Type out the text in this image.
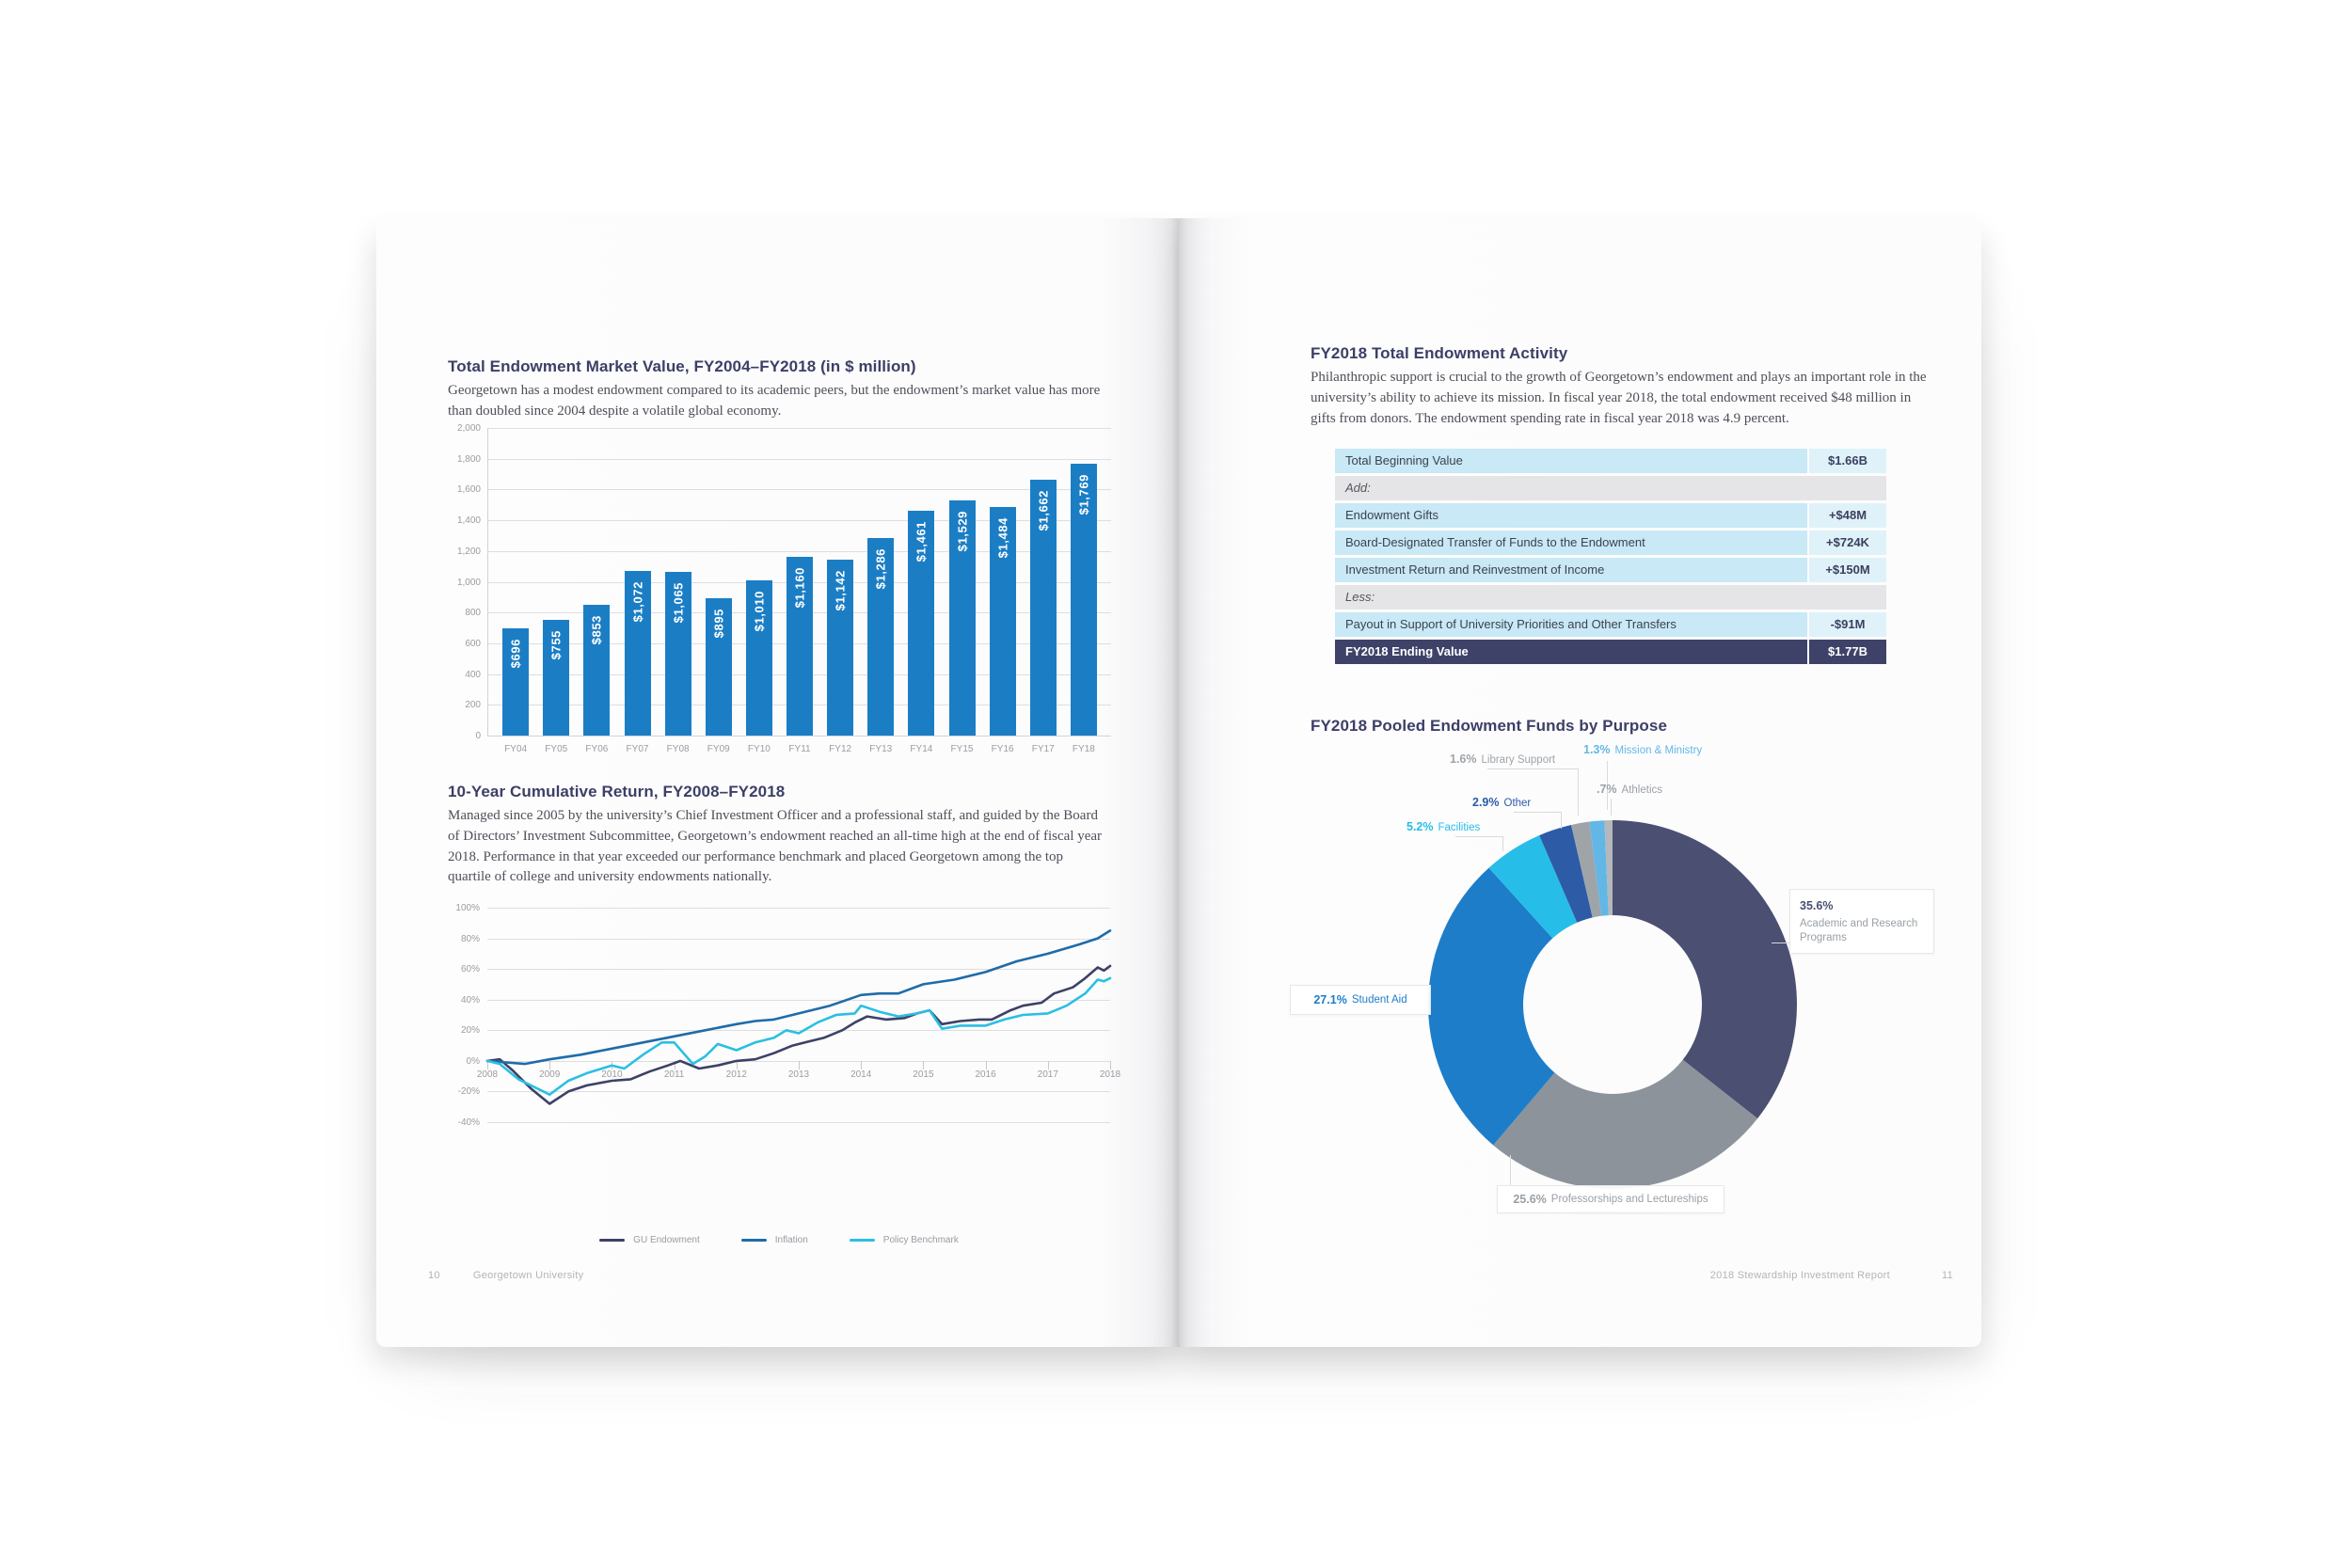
Total Endowment Market Value, FY2004–FY2018 (in $ million)
Georgetown has a modest endowment compared to its academic peers, but the endowment’s market value has more than doubled since 2004 despite a volatile global economy.
2,000
1,800
1,600
1,400
1,200
1,000
800
600
400
200
0
$696
FY04
$755
FY05
$853
FY06
$1,072
FY07
$1,065
FY08
$895
FY09
$1,010
FY10
$1,160
FY11
$1,142
FY12
$1,286
FY13
$1,461
FY14
$1,529
FY15
$1,484
FY16
$1,662
FY17
$1,769
FY18
10-Year Cumulative Return, FY2008–FY2018
Managed since 2005 by the university’s Chief Investment Officer and a professional staff, and guided by the Board of Directors’ Investment Subcommittee, Georgetown’s endowment reached an all-time high at the end of fiscal year 2018. Performance in that year exceeded our performance benchmark and placed Georgetown among the top quartile of college and university endowments nationally.
100%
80%
60%
40%
20%
0%
-20%
-40%
2008	2009	2010	2011	2012	2013	2014	2015	2016	2017	2018
GU Endowment	Inflation	Policy Benchmark
10	Georgetown University
FY2018 Total Endowment Activity
Philanthropic support is crucial to the growth of Georgetown’s endowment and plays an important role in the university’s ability to achieve its mission. In fiscal year 2018, the total endowment received $48 million in gifts from donors. The endowment spending rate in fiscal year 2018 was 4.9 percent.
Total Beginning Value	$1.66B
Add:
Endowment Gifts	+$48M
Board-Designated Transfer of Funds to the Endowment	+$724K
Investment Return and Reinvestment of Income	+$150M
Less:
Payout in Support of University Priorities and Other Transfers	-$91M
FY2018 Ending Value	$1.77B
FY2018 Pooled Endowment Funds by Purpose
1.3% Mission & Ministry
1.6% Library Support
.7% Athletics
2.9% Other
5.2% Facilities
27.1% Student Aid
35.6%
Academic and Research Programs
25.6% Professorships and Lectureships
2018 Stewardship Investment Report	11
